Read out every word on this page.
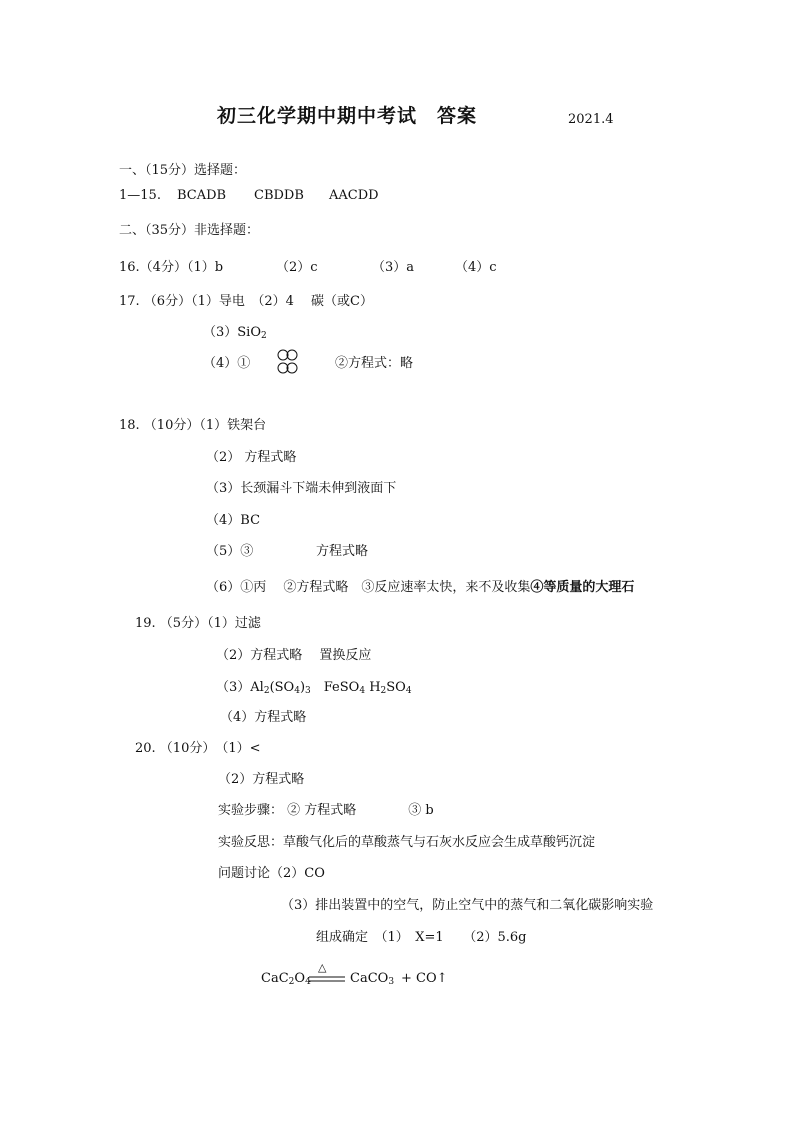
初三化学期中期中考试　答案	2021.4
一、（15分）选择题：
1—15. BCADB CBDDB AACDD
二、（35分）非选择题：
16.（4分）（1）b	（2）c	（3）a	（4）c
17. （6分）（1）导电　（2）4　 碳（或C）
（3）SiO$_2$
（4）①	②方程式：略
18. （10分）（1）铁架台
（2） 方程式略
（3）长颈漏斗下端未伸到液面下
（4）BC
（5）③	方程式略
（6）①丙　 ②方程式略　③反应速率太快，来不及收集④等质量的大理石
19. （5分）（1）过滤
（2）方程式略　 置换反应
$(3)Al_2(SO_4)_3$　FeSO$_4$ $H_2SO_4$
（4）方程式略
20. （10分）　（1）<
（2）方程式略
实验步骤： ② 方程式略　　　　③ b
实验反思：草酸气化后的草酸蒸气与石灰水反应会生成草酸钙沉淀
问题讨论（2）CO
（3）排出装置中的空气，防止空气中的蒸气和二氧化碳影响实验
组成确定　（1）　X=1　　（2）5.6g
$CaC_2O_4$
△
CaCO$_3$ + CO↑
